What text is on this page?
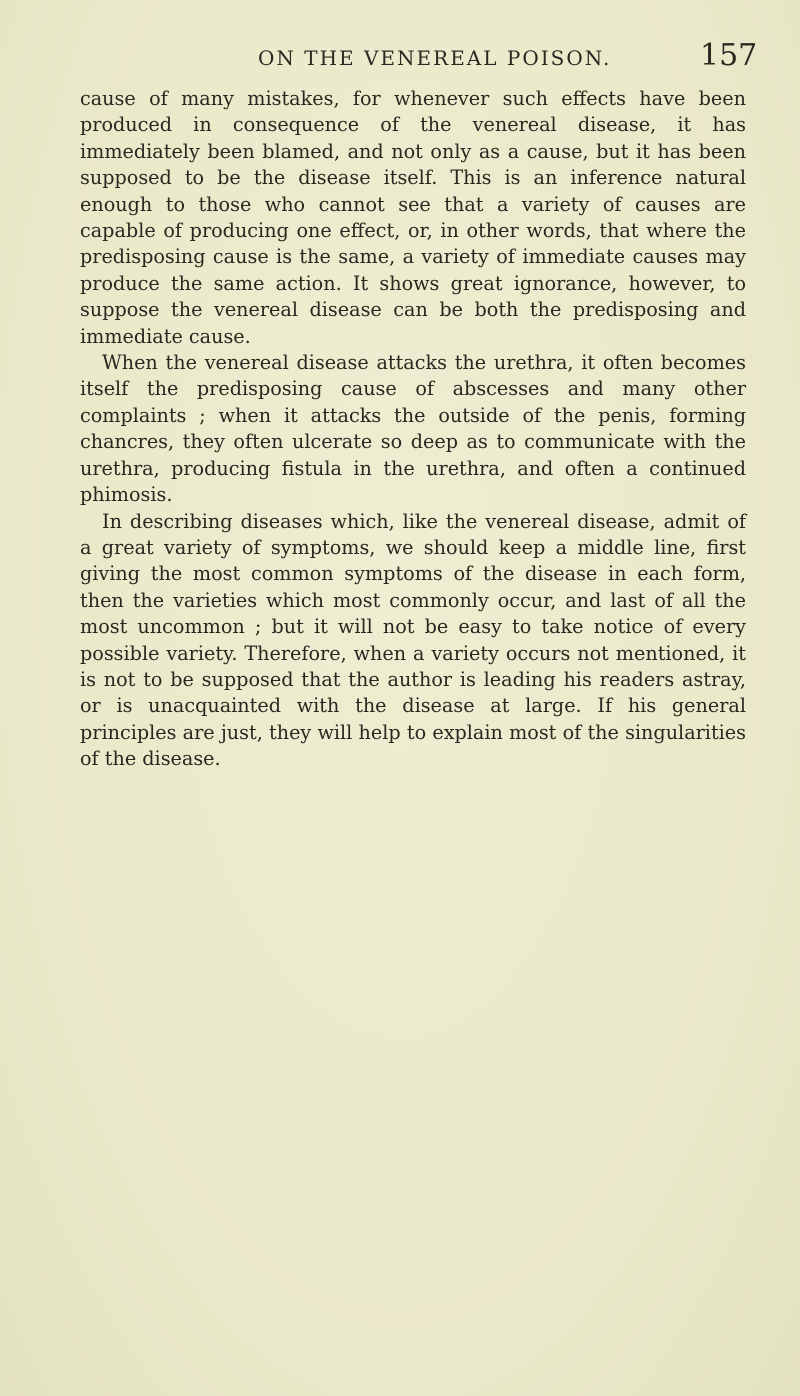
ON THE VENEREAL POISON.	157

cause of many mistakes, for whenever such effects have been produced in consequence of the venereal disease, it has immediately been blamed, and not only as a cause, but it has been supposed to be the disease itself. This is an inference natural enough to those who cannot see that a variety of causes are capable of producing one effect, or, in other words, that where the predisposing cause is the same, a variety of immediate causes may produce the same action. It shows great ignorance, however, to suppose the venereal disease can be both the predisposing and immediate cause.

When the venereal disease attacks the urethra, it often becomes itself the predisposing cause of abscesses and many other complaints ; when it attacks the outside of the penis, forming chancres, they often ulcerate so deep as to communicate with the urethra, producing fistula in the urethra, and often a continued phimosis.

In describing diseases which, like the venereal disease, admit of a great variety of symptoms, we should keep a middle line, first giving the most common symptoms of the disease in each form, then the varieties which most commonly occur, and last of all the most uncommon ; but it will not be easy to take notice of every possible variety. Therefore, when a variety occurs not mentioned, it is not to be supposed that the author is leading his readers astray, or is unacquainted with the disease at large. If his general principles are just, they will help to explain most of the singularities of the disease.
